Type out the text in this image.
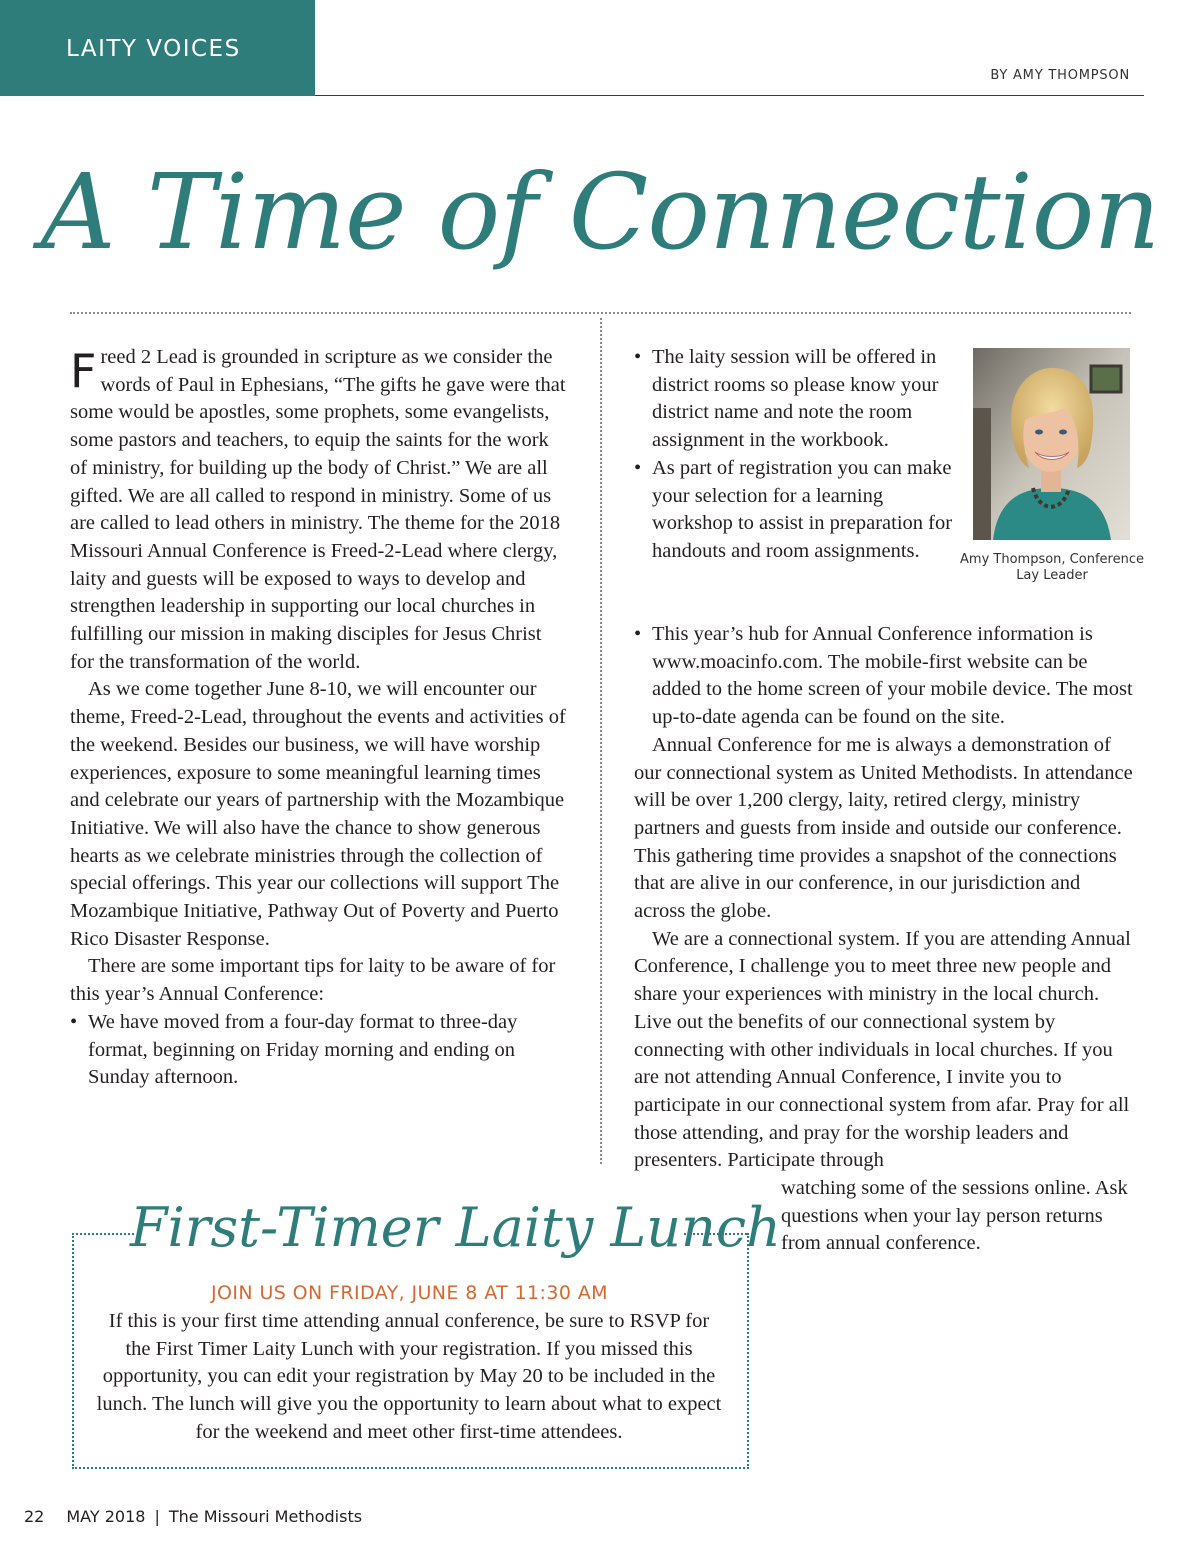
LAITY VOICES
BY AMY THOMPSON
A Time of Connection

Freed 2 Lead is grounded in scripture as we consider the words of Paul in Ephesians, “The gifts he gave were that some would be apostles, some prophets, some evangelists, some pastors and teachers, to equip the saints for the work of ministry, for building up the body of Christ.” We are all gifted. We are all called to respond in ministry. Some of us are called to lead others in ministry. The theme for the 2018 Missouri Annual Conference is Freed-2-Lead where clergy, laity and guests will be exposed to ways to develop and strengthen leadership in supporting our local churches in fulfilling our mission in making disciples for Jesus Christ for the transformation of the world.

As we come together June 8-10, we will encounter our theme, Freed-2-Lead, throughout the events and activities of the weekend. Besides our business, we will have worship experiences, exposure to some meaningful learning times and celebrate our years of partnership with the Mozambique Initiative. We will also have the chance to show generous hearts as we celebrate ministries through the collection of special offerings. This year our collections will support The Mozambique Initiative, Pathway Out of Poverty and Puerto Rico Disaster Response.

There are some important tips for laity to be aware of for this year’s Annual Conference:

• We have moved from a four-day format to three-day format, beginning on Friday morning and ending on Sunday afternoon.

• The laity session will be offered in district rooms so please know your district name and note the room assignment in the workbook.

• As part of registration you can make your selection for a learning workshop to assist in preparation for handouts and room assignments.	Amy Thompson, Conference Lay Leader

• This year’s hub for Annual Conference information is www.moacinfo.com. The mobile-first website can be added to the home screen of your mobile device. The most up-to-date agenda can be found on the site.

Annual Conference for me is always a demonstration of our connectional system as United Methodists. In attendance will be over 1,200 clergy, laity, retired clergy, ministry partners and guests from inside and outside our conference. This gathering time provides a snapshot of the connections that are alive in our conference, in our jurisdiction and across the globe.

We are a connectional system. If you are attending Annual Conference, I challenge you to meet three new people and share your experiences with ministry in the local church. Live out the benefits of our connectional system by connecting with other individuals in local churches. If you are not attending Annual Conference, I invite you to participate in our connectional system from afar. Pray for all those attending, and pray for the worship leaders and presenters. Participate through

watching some of the sessions online. Ask questions when your lay person returns from annual conference.
First-Timer Laity Lunch
JOIN US ON FRIDAY, JUNE 8 AT 11:30 AM
If this is your first time attending annual conference, be sure to RSVP for the First Timer Laity Lunch with your registration. If you missed this opportunity, you can edit your registration by May 20 to be included in the lunch. The lunch will give you the opportunity to learn about what to expect for the weekend and meet other first-time attendees.
22 MAY 2018 | The Missouri Methodists
